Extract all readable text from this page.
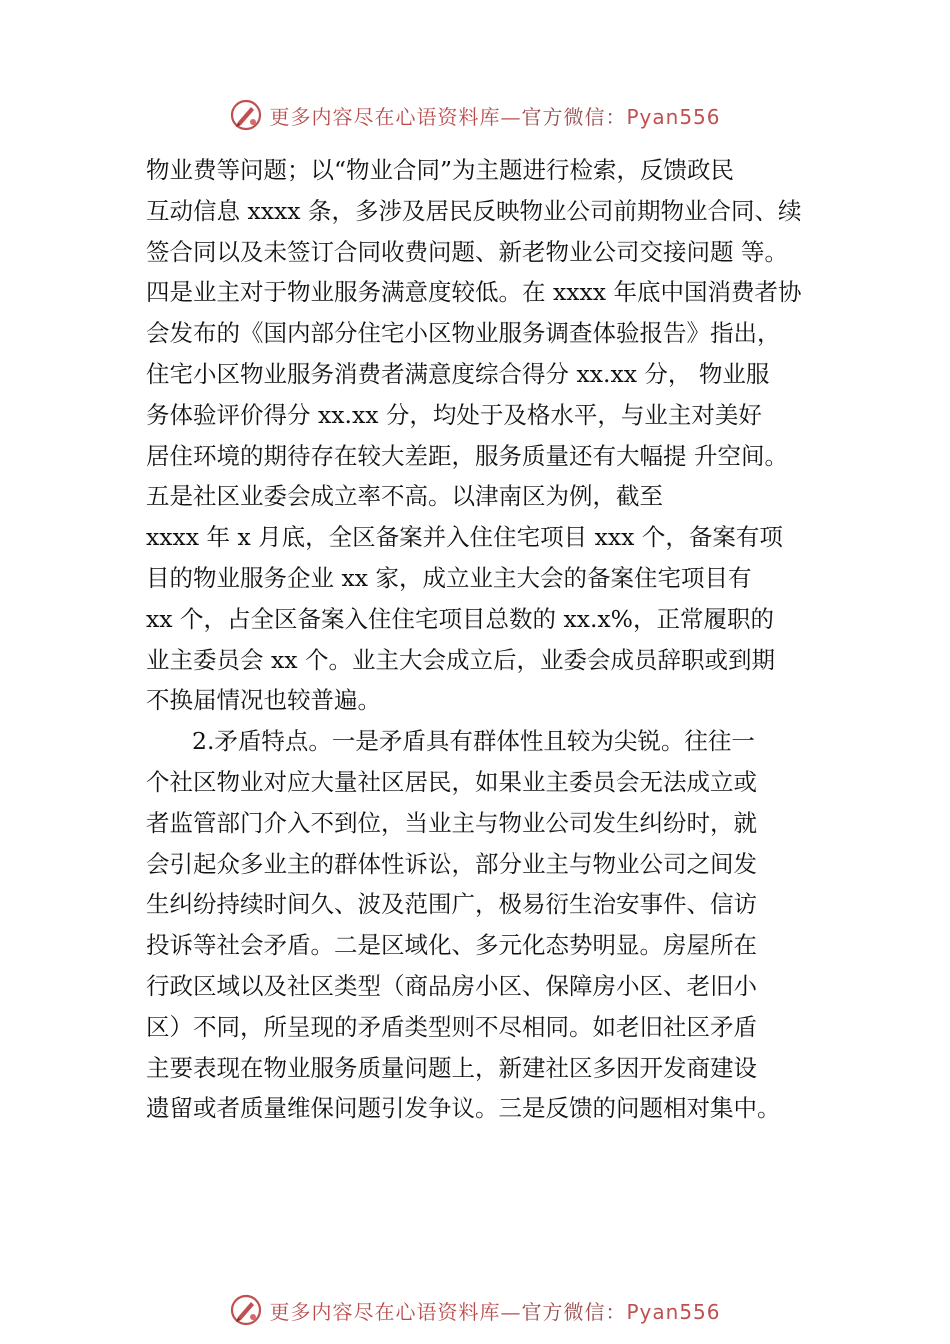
更多内容尽在心语资料库—官方微信：Pyan556
物业费等问题；以“物业合同”为主题进行检索，反馈政民
互动信息 xxxx 条，多涉及居民反映物业公司前期物业合同、续
签合同以及未签订合同收费问题、新老物业公司交接问题 等。
四是业主对于物业服务满意度较低。在 xxxx 年底中国消费者协
会发布的《国内部分住宅小区物业服务调查体验报告》指出，
住宅小区物业服务消费者满意度综合得分 xx.xx 分， 物业服
务体验评价得分 xx.xx 分，均处于及格水平，与业主对美好
居住环境的期待存在较大差距，服务质量还有大幅提 升空间。
五是社区业委会成立率不高。以津南区为例，截至
xxxx 年 x 月底，全区备案并入住住宅项目 xxx 个，备案有项
目的物业服务企业 xx 家，成立业主大会的备案住宅项目有
xx 个，占全区备案入住住宅项目总数的 xx.x%，正常履职的
业主委员会 xx 个。业主大会成立后，业委会成员辞职或到期
不换届情况也较普遍。
2.矛盾特点。一是矛盾具有群体性且较为尖锐。往往一
个社区物业对应大量社区居民，如果业主委员会无法成立或
者监管部门介入不到位，当业主与物业公司发生纠纷时，就
会引起众多业主的群体性诉讼，部分业主与物业公司之间发
生纠纷持续时间久、波及范围广，极易衍生治安事件、信访
投诉等社会矛盾。二是区域化、多元化态势明显。房屋所在
行政区域以及社区类型（商品房小区、保障房小区、老旧小
区）不同，所呈现的矛盾类型则不尽相同。如老旧社区矛盾
主要表现在物业服务质量问题上，新建社区多因开发商建设
遗留或者质量维保问题引发争议。三是反馈的问题相对集中。
更多内容尽在心语资料库—官方微信：Pyan556
